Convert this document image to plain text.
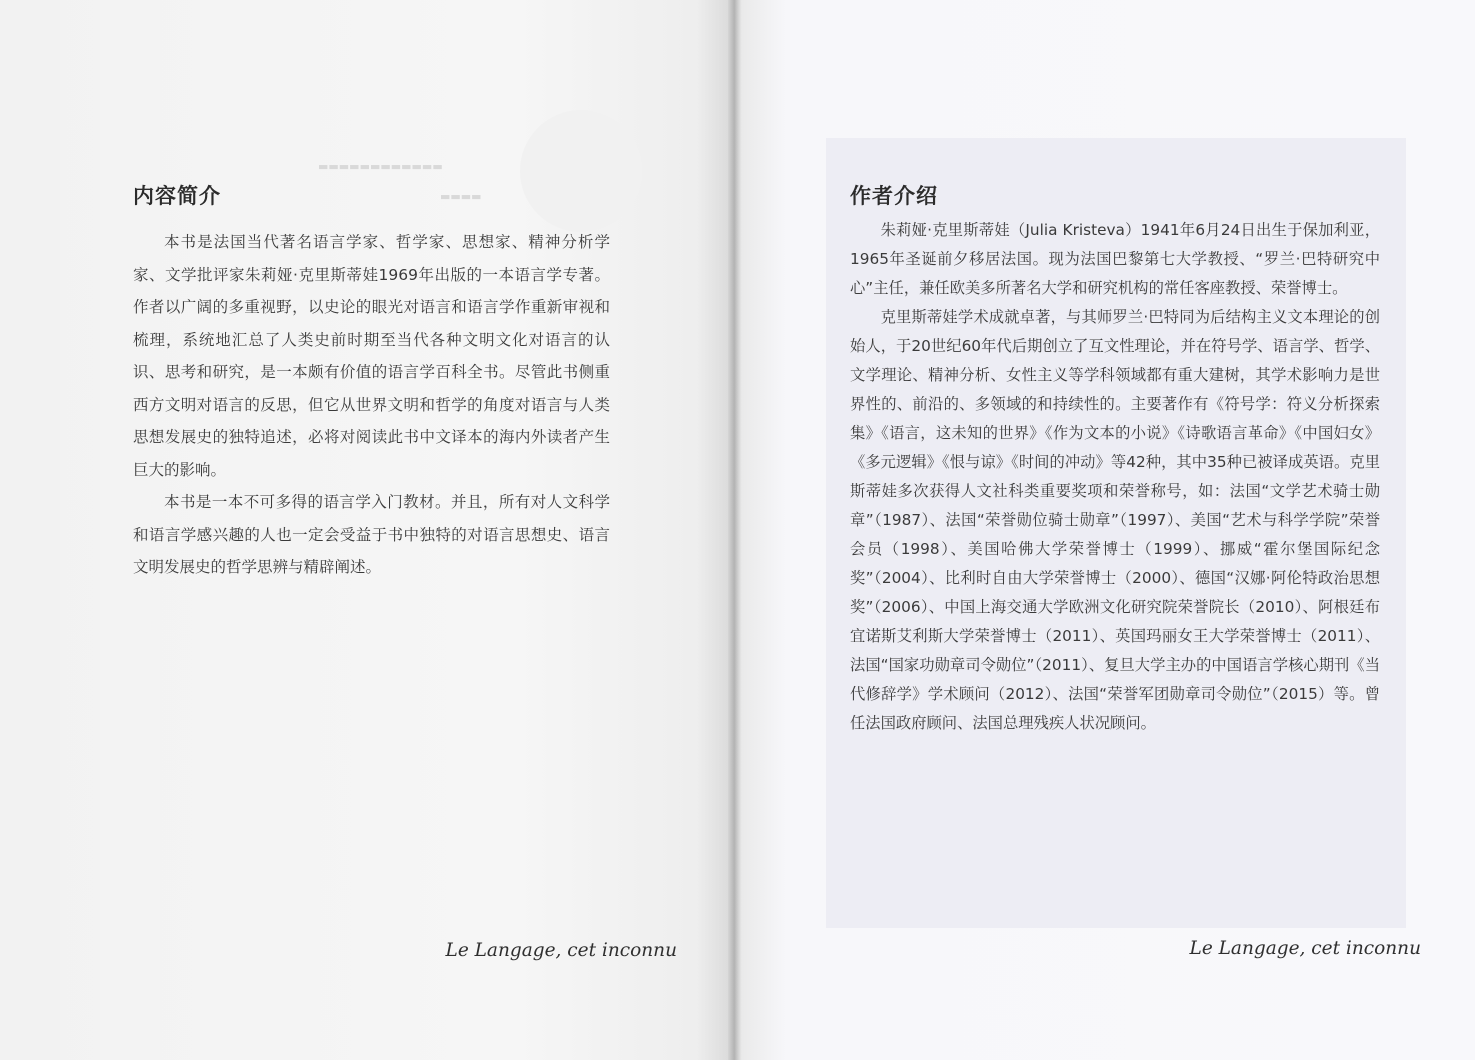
▬▬▬▬▬▬▬▬▬▬▬▬
▬▬▬▬
内容简介

本书是法国当代著名语言学家、哲学家、思想家、精神分析学家、文学批评家朱莉娅·克里斯蒂娃1969年出版的一本语言学专著。作者以广阔的多重视野，以史论的眼光对语言和语言学作重新审视和梳理，系统地汇总了人类史前时期至当代各种文明文化对语言的认识、思考和研究，是一本颇有价值的语言学百科全书。尽管此书侧重西方文明对语言的反思，但它从世界文明和哲学的角度对语言与人类思想发展史的独特追述，必将对阅读此书中文译本的海内外读者产生巨大的影响。

本书是一本不可多得的语言学入门教材。并且，所有对人文科学和语言学感兴趣的人也一定会受益于书中独特的对语言思想史、语言文明发展史的哲学思辨与精辟阐述。

Le Langage, cet inconnu
作者介绍

朱莉娅·克里斯蒂娃（Julia Kristeva）1941年6月24日出生于保加利亚，1965年圣诞前夕移居法国。现为法国巴黎第七大学教授、“罗兰·巴特研究中心”主任，兼任欧美多所著名大学和研究机构的常任客座教授、荣誉博士。

克里斯蒂娃学术成就卓著，与其师罗兰·巴特同为后结构主义文本理论的创始人，于20世纪60年代后期创立了互文性理论，并在符号学、语言学、哲学、文学理论、精神分析、女性主义等学科领域都有重大建树，其学术影响力是世界性的、前沿的、多领域的和持续性的。主要著作有《符号学：符义分析探索集》《语言，这未知的世界》《作为文本的小说》《诗歌语言革命》《中国妇女》《多元逻辑》《恨与谅》《时间的冲动》等42种，其中35种已被译成英语。克里斯蒂娃多次获得人文社科类重要奖项和荣誉称号，如：法国“文学艺术骑士勋章”（1987）、法国“荣誉勋位骑士勋章”（1997）、美国“艺术与科学学院”荣誉会员（1998）、美国哈佛大学荣誉博士（1999）、挪威“霍尔堡国际纪念奖”（2004）、比利时自由大学荣誉博士（2000）、德国“汉娜·阿伦特政治思想奖”（2006）、中国上海交通大学欧洲文化研究院荣誉院长（2010）、阿根廷布宜诺斯艾利斯大学荣誉博士（2011）、英国玛丽女王大学荣誉博士（2011）、法国“国家功勋章司令勋位”（2011）、复旦大学主办的中国语言学核心期刊《当代修辞学》学术顾问（2012）、法国“荣誉军团勋章司令勋位”（2015）等。曾任法国政府顾问、法国总理残疾人状况顾问。

Le Langage, cet inconnu
